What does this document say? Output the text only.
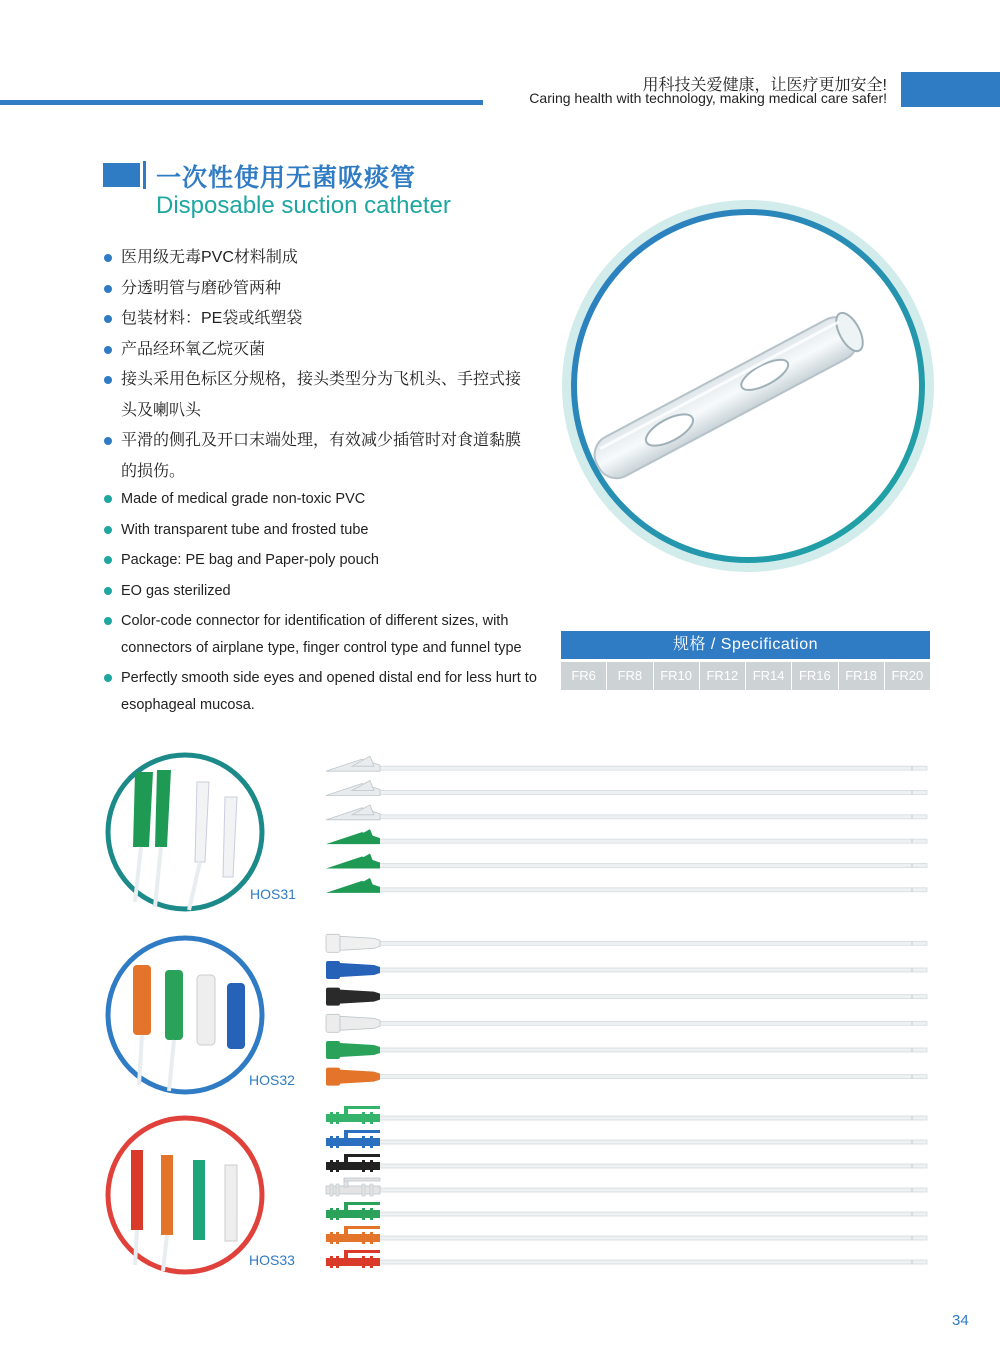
用科技关爱健康，让医疗更加安全!
Caring health with technology, making medical care safer!
一次性使用无菌吸痰管
Disposable suction catheter
医用级无毒PVC材料制成
分透明管与磨砂管两种
包装材料：PE袋或纸塑袋
产品经环氧乙烷灭菌
接头采用色标区分规格，接头类型分为飞机头、手控式接头及喇叭头
平滑的侧孔及开口末端处理，有效减少插管时对食道黏膜的损伤。
Made of medical grade non-toxic PVC
With transparent tube and frosted tube
Package: PE bag and Paper-poly pouch
EO gas sterilized
Color-code connector for identification of different sizes, with connectors of airplane type, finger control type and funnel type
Perfectly smooth side eyes and opened distal end for less hurt to esophageal mucosa.
规格 / Specification
FR6	FR8	FR10	FR12	FR14	FR16	FR18	FR20
HOS31
HOS32
HOS33
34
